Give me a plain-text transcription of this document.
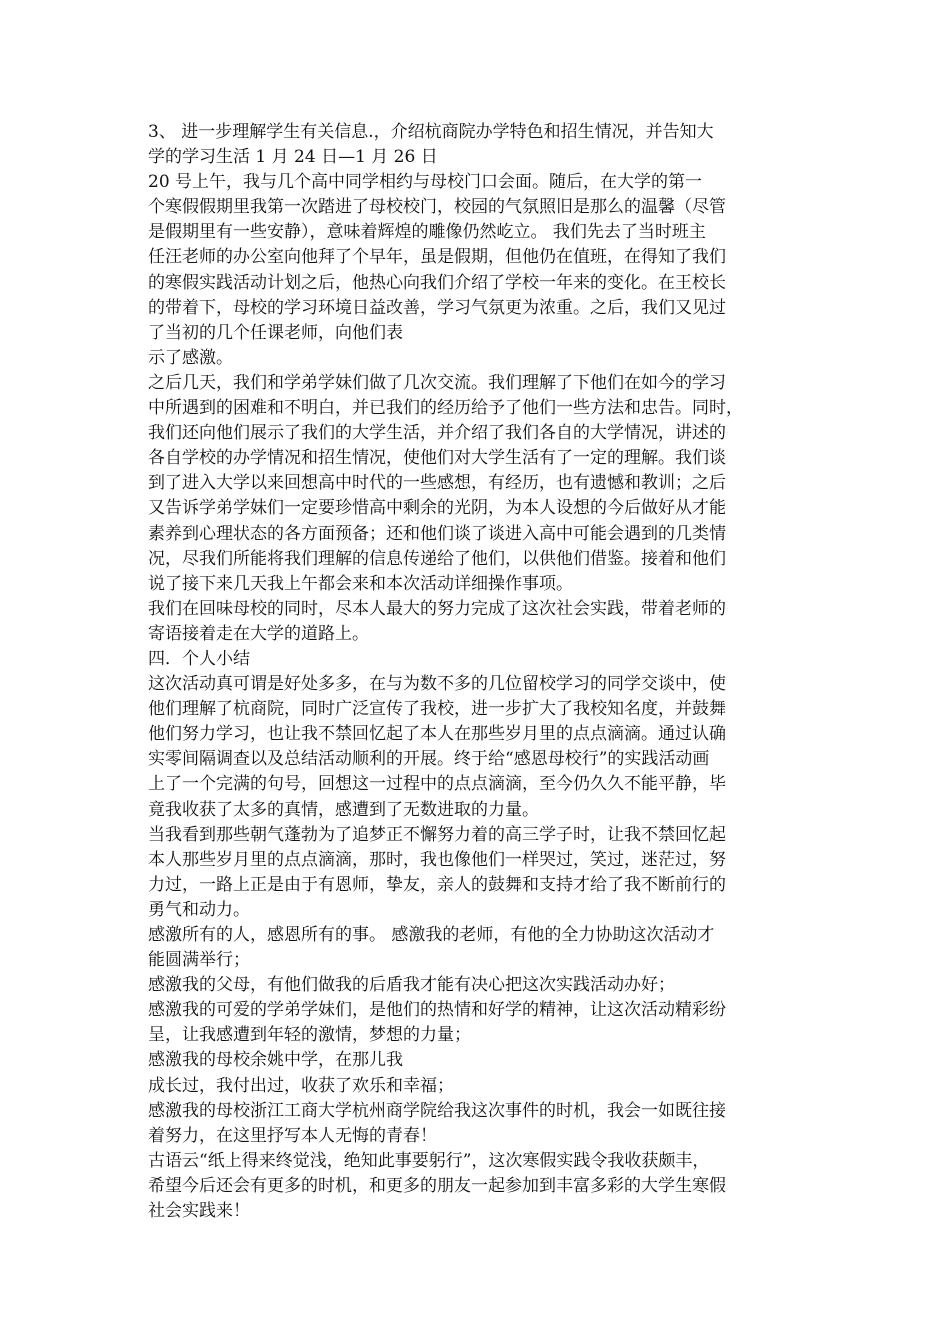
3、 进一步理解学生有关信息.，介绍杭商院办学特色和招生情况，并告知大
学的学习生活 1 月 24 日—1 月 26 日
20 号上午，我与几个高中同学相约与母校门口会面。随后，在大学的第一
个寒假假期里我第一次踏进了母校校门，校园的气氛照旧是那么的温馨（尽管
是假期里有一些安静），意味着辉煌的雕像仍然屹立。 我们先去了当时班主
任汪老师的办公室向他拜了个早年，虽是假期，但他仍在值班，在得知了我们
的寒假实践活动计划之后，他热心向我们介绍了学校一年来的变化。在王校长
的带着下，母校的学习环境日益改善，学习气氛更为浓重。之后，我们又见过
了当初的几个任课老师，向他们表
示了感激。
之后几天，我们和学弟学妹们做了几次交流。我们理解了下他们在如今的学习
中所遇到的困难和不明白，并已我们的经历给予了他们一些方法和忠告。同时，
我们还向他们展示了我们的大学生活，并介绍了我们各自的大学情况，讲述的
各自学校的办学情况和招生情况，使他们对大学生活有了一定的理解。我们谈
到了进入大学以来回想高中时代的一些感想，有经历，也有遗憾和教训；之后
又告诉学弟学妹们一定要珍惜高中剩余的光阴，为本人设想的今后做好从才能
素养到心理状态的各方面预备；还和他们谈了谈进入高中可能会遇到的几类情
况，尽我们所能将我们理解的信息传递给了他们，以供他们借鉴。接着和他们
说了接下来几天我上午都会来和本次活动详细操作事项。
我们在回味母校的同时，尽本人最大的努力完成了这次社会实践，带着老师的
寄语接着走在大学的道路上。
四．个人小结
这次活动真可谓是好处多多，在与为数不多的几位留校学习的同学交谈中，使
他们理解了杭商院，同时广泛宣传了我校，进一步扩大了我校知名度，并鼓舞
他们努力学习，也让我不禁回忆起了本人在那些岁月里的点点滴滴。通过认确
实零间隔调查以及总结活动顺利的开展。终于给“感恩母校行”的实践活动画
上了一个完满的句号，回想这一过程中的点点滴滴，至今仍久久不能平静，毕
竟我收获了太多的真情，感遭到了无数进取的力量。
当我看到那些朝气蓬勃为了追梦正不懈努力着的高三学子时，让我不禁回忆起
本人那些岁月里的点点滴滴，那时，我也像他们一样哭过，笑过，迷茫过，努
力过，一路上正是由于有恩师，挚友，亲人的鼓舞和支持才给了我不断前行的
勇气和动力。
感激所有的人，感恩所有的事。 感激我的老师，有他的全力协助这次活动才
能圆满举行；
感激我的父母，有他们做我的后盾我才能有决心把这次实践活动办好；
感激我的可爱的学弟学妹们，是他们的热情和好学的精神，让这次活动精彩纷
呈，让我感遭到年轻的激情，梦想的力量；
感激我的母校余姚中学，在那儿我
成长过，我付出过，收获了欢乐和幸福；
感激我的母校浙江工商大学杭州商学院给我这次事件的时机，我会一如既往接
着努力，在这里抒写本人无悔的青春！
古语云“纸上得来终觉浅，绝知此事要躬行”，这次寒假实践令我收获颇丰，
希望今后还会有更多的时机，和更多的朋友一起参加到丰富多彩的大学生寒假
社会实践来！
